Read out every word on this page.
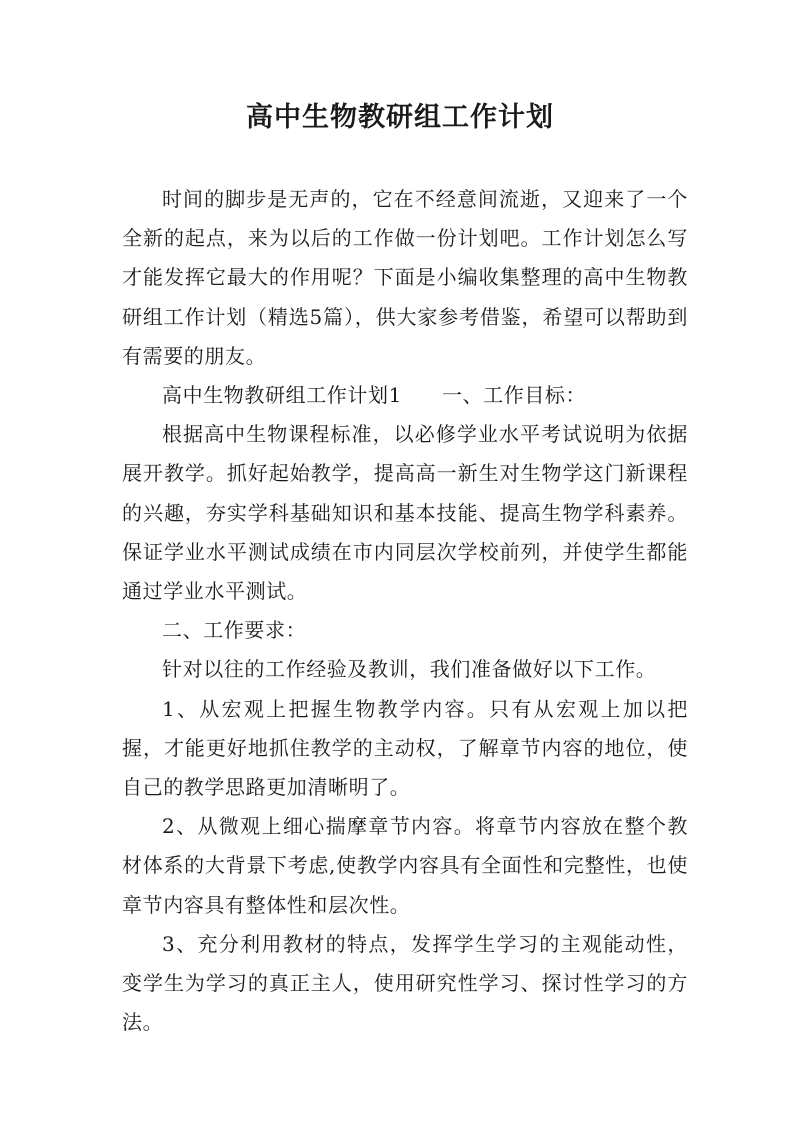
高中生物教研组工作计划

时间的脚步是无声的，它在不经意间流逝，又迎来了一个全新的起点，来为以后的工作做一份计划吧。工作计划怎么写才能发挥它最大的作用呢？下面是小编收集整理的高中生物教研组工作计划（精选5篇），供大家参考借鉴，希望可以帮助到有需要的朋友。

高中生物教研组工作计划1 一、工作目标：

根据高中生物课程标准，以必修学业水平考试说明为依据展开教学。抓好起始教学，提高高一新生对生物学这门新课程的兴趣，夯实学科基础知识和基本技能、提高生物学科素养。保证学业水平测试成绩在市内同层次学校前列，并使学生都能通过学业水平测试。

二、工作要求：

针对以往的工作经验及教训，我们准备做好以下工作。

1、从宏观上把握生物教学内容。只有从宏观上加以把握，才能更好地抓住教学的主动权，了解章节内容的地位，使自己的教学思路更加清晰明了。

2、从微观上细心揣摩章节内容。将章节内容放在整个教材体系的大背景下考虑,使教学内容具有全面性和完整性，也使章节内容具有整体性和层次性。

3、充分利用教材的特点，发挥学生学习的主观能动性，变学生为学习的真正主人，使用研究性学习、探讨性学习的方法。
